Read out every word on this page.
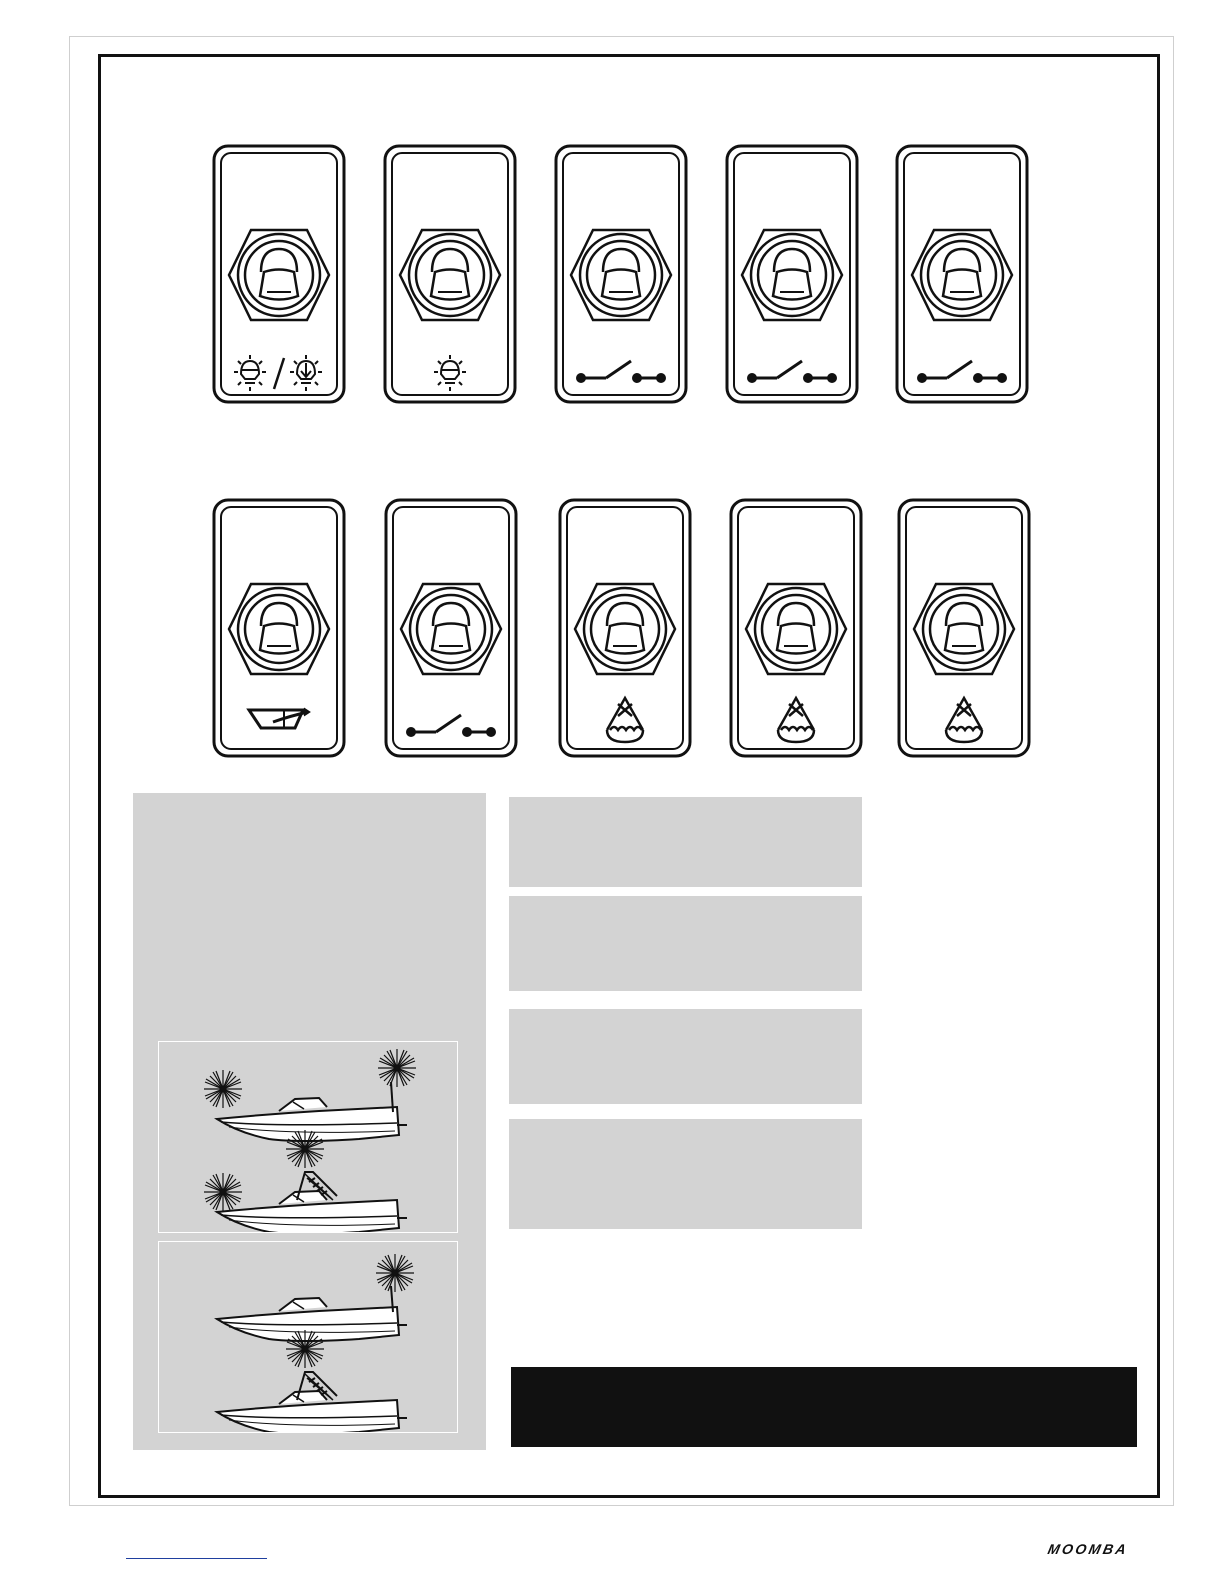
MOOMBA
